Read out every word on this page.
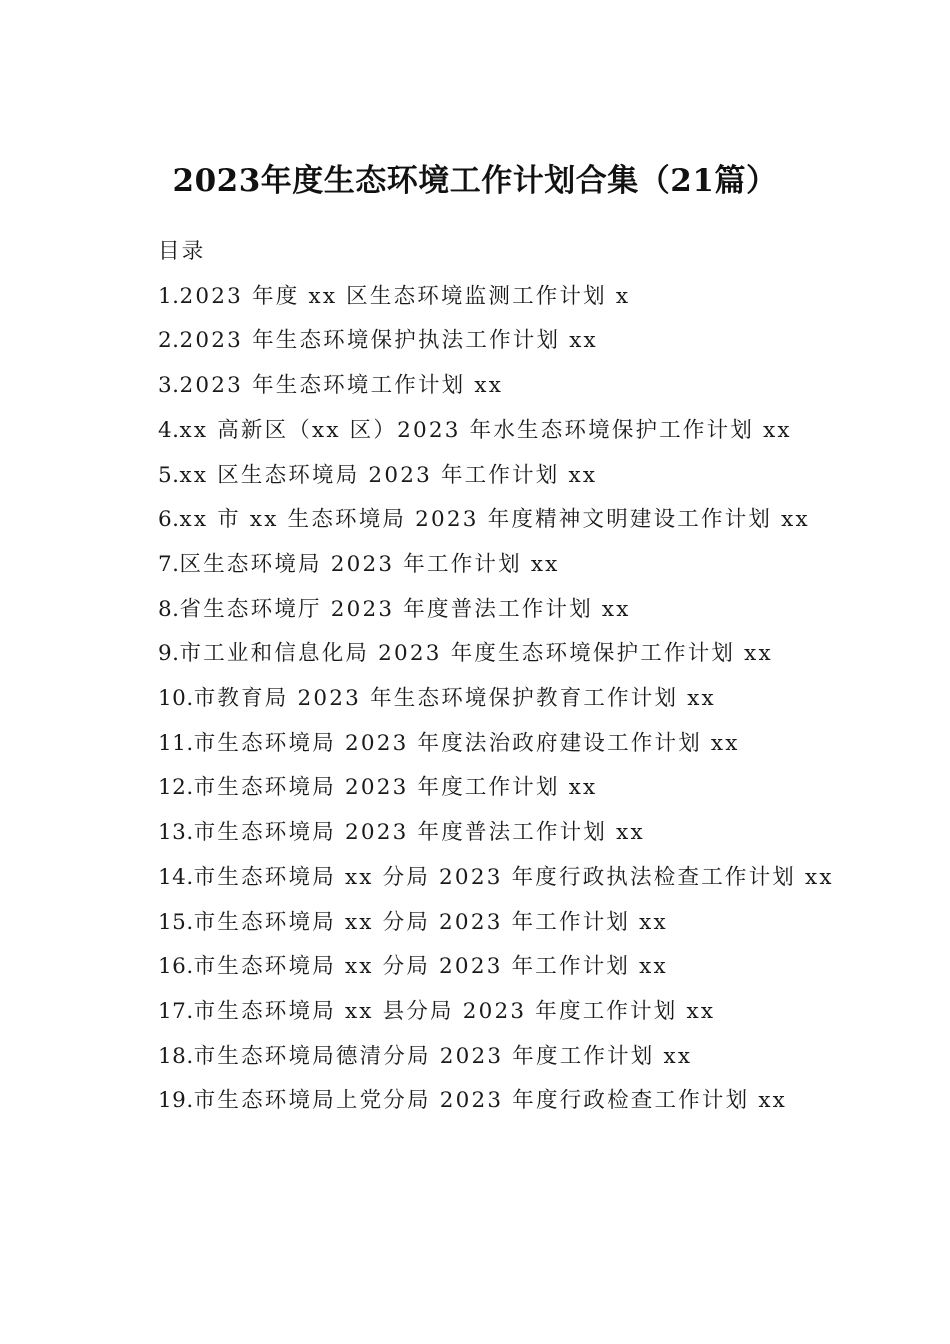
2023年度生态环境工作计划合集（21篇）
目录
1.2023 年度 xx 区生态环境监测工作计划 x
2.2023 年生态环境保护执法工作计划 xx
3.2023 年生态环境工作计划 xx
4.xx 高新区（xx 区）2023 年水生态环境保护工作计划 xx
5.xx 区生态环境局 2023 年工作计划 xx
6.xx 市 xx 生态环境局 2023 年度精神文明建设工作计划 xx
7.区生态环境局 2023 年工作计划 xx
8.省生态环境厅 2023 年度普法工作计划 xx
9.市工业和信息化局 2023 年度生态环境保护工作计划 xx
10.市教育局 2023 年生态环境保护教育工作计划 xx
11.市生态环境局 2023 年度法治政府建设工作计划 xx
12.市生态环境局 2023 年度工作计划 xx
13.市生态环境局 2023 年度普法工作计划 xx
14.市生态环境局 xx 分局 2023 年度行政执法检查工作计划 xx
15.市生态环境局 xx 分局 2023 年工作计划 xx
16.市生态环境局 xx 分局 2023 年工作计划 xx
17.市生态环境局 xx 县分局 2023 年度工作计划 xx
18.市生态环境局德清分局 2023 年度工作计划 xx
19.市生态环境局上党分局 2023 年度行政检查工作计划 xx
